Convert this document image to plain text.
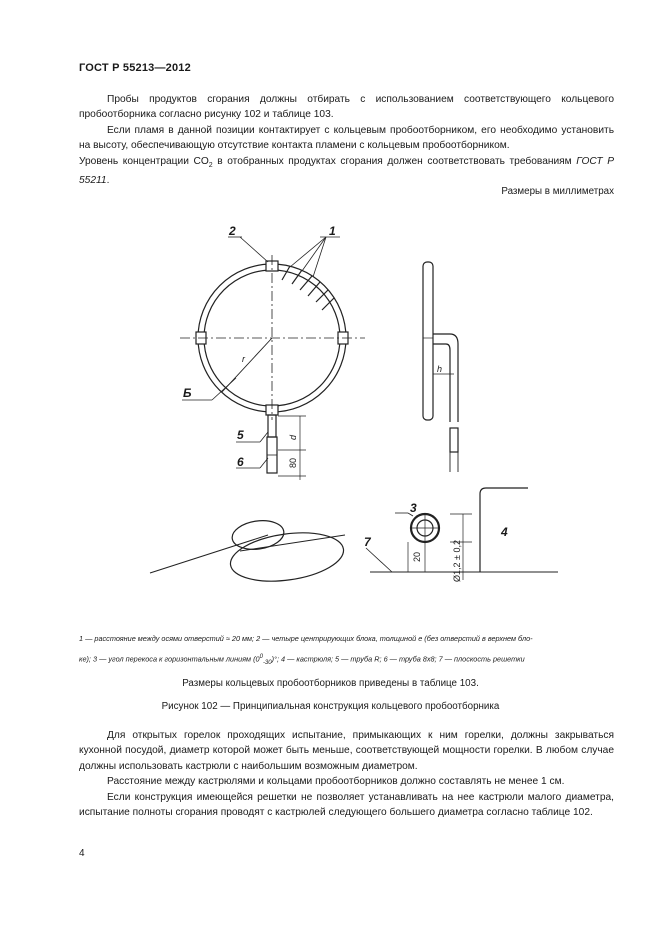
ГОСТ Р 55213—2012

Пробы продуктов сгорания должны отбирать с использованием соответствующего кольцевого пробоотборника согласно рисунку 102 и таблице 103.

Если пламя в данной позиции контактирует с кольцевым пробоотборником, его необходимо установить на высоту, обеспечивающую отсутствие контакта пламени с кольцевым пробоотборником.

Уровень концентрации $CO_2$ в отобранных продуктах сгорания должен соответствовать требованиям ГОСТ Р 55211.

Размеры в миллиметрах
2	1
Б
5
6
3
4
7
r
h
d
80
20	Ø1,2 ± 0,2
1 — расстояние между осями отверстий ≈ 20 мм; 2 — четыре центрирующих блока, толщиной e (без отверстий в верхнем бло-
ке); 3 — угол перекоса к горизонтальным линиям $(0^0_{-30})^\circ$; 4 — кастрюля; 5 — труба R; 6 — труба 8x8; 7 — плоскость решетки
Размеры кольцевых пробоотборников приведены в таблице 103.
Рисунок 102 — Принципиальная конструкция кольцевого пробоотборника

Для открытых горелок проходящих испытание, примыкающих к ним горелки, должны закрываться кухонной посудой, диаметр которой может быть меньше, соответствующей мощности горелки. В любом случае должны использовать кастрюли с наибольшим возможным диаметром.

Расстояние между кастрюлями и кольцами пробоотборников должно составлять не менее 1 см.

Если конструкция имеющейся решетки не позволяет устанавливать на нее кастрюли малого диаметра, испытание полноты сгорания проводят с кастрюлей следующего большего диаметра согласно таблице 102.

4
